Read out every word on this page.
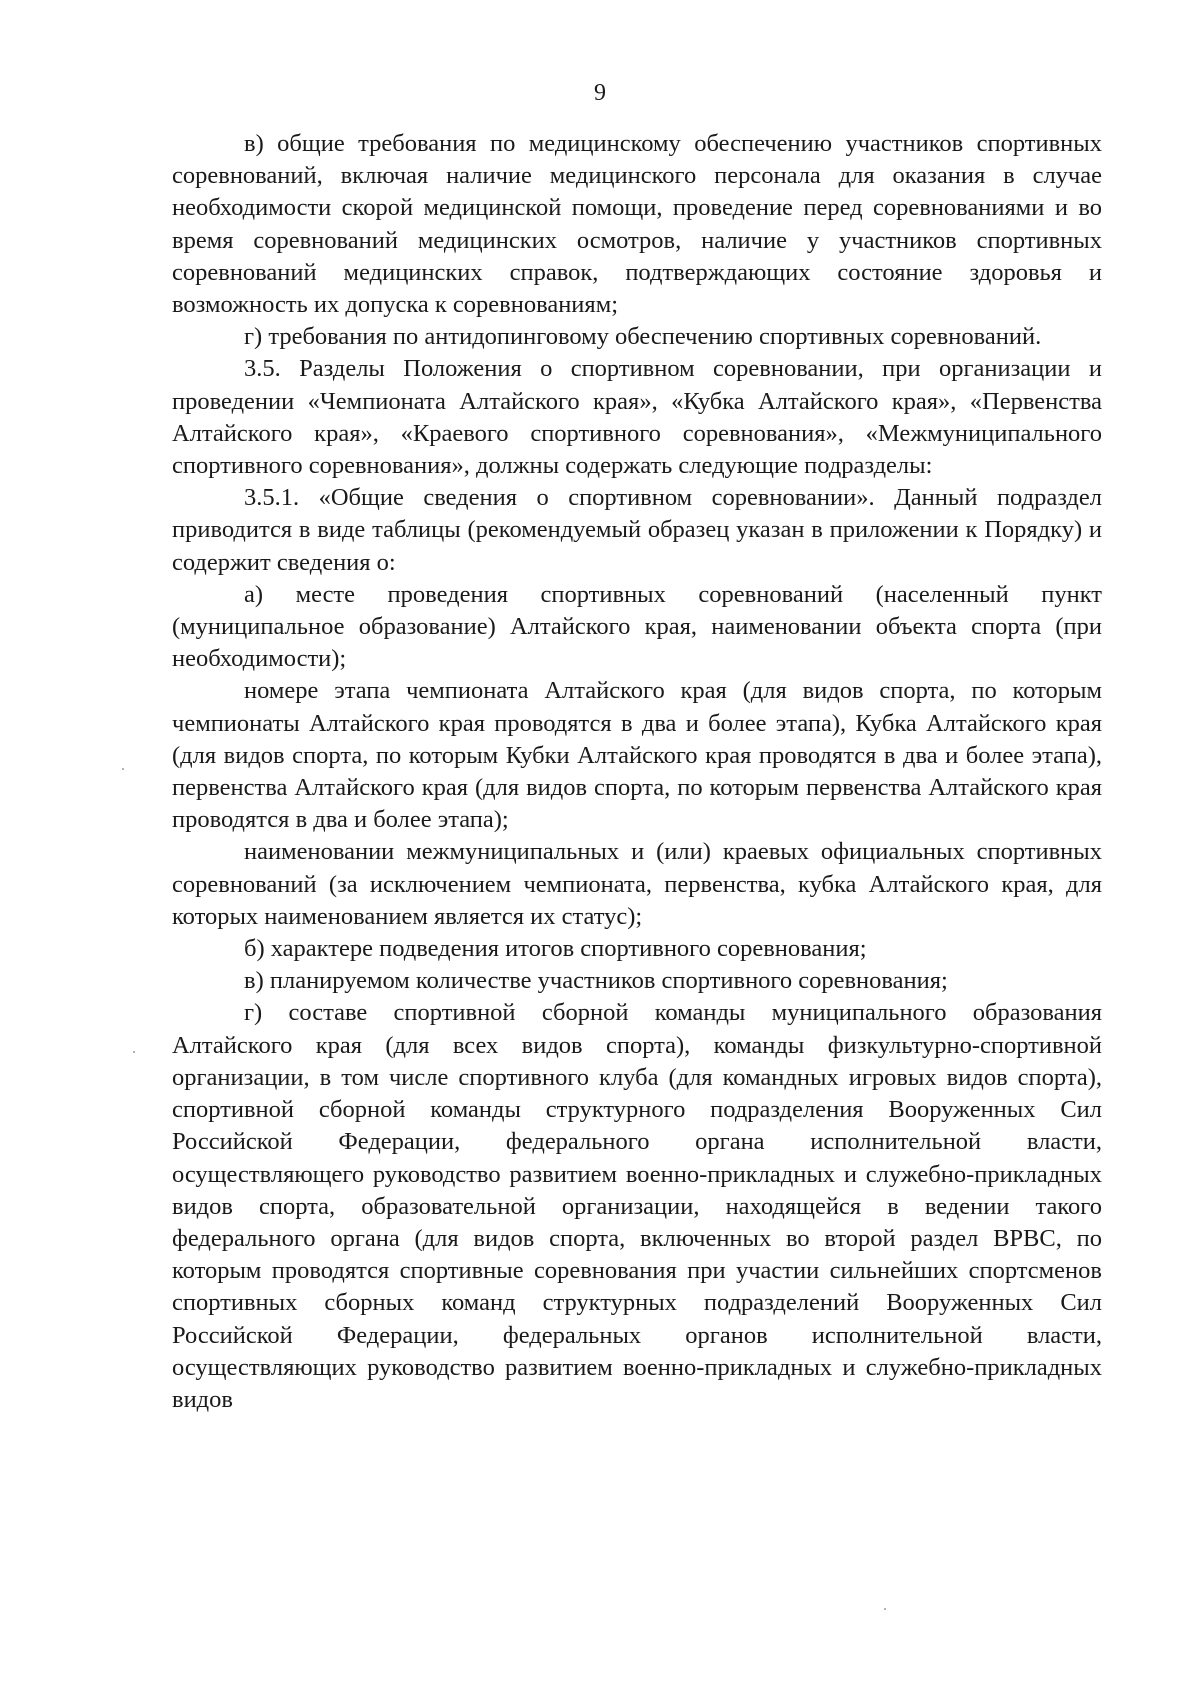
9

в) общие требования по медицинскому обеспечению участников спортивных соревнований, включая наличие медицинского персонала для оказания в случае необходимости скорой медицинской помощи, проведение перед соревнованиями и во время соревнований медицинских осмотров, наличие у участников спортивных соревнований медицинских справок, подтверждающих состояние здоровья и возможность их допуска к соревнованиям;

г) требования по антидопинговому обеспечению спортивных соревнований.

3.5. Разделы Положения о спортивном соревновании, при организации и проведении «Чемпионата Алтайского края», «Кубка Алтайского края», «Первенства Алтайского края», «Краевого спортивного соревнования», «Межмуниципального спортивного соревнования», должны содержать следующие подразделы:

3.5.1. «Общие сведения о спортивном соревновании». Данный подраздел приводится в виде таблицы (рекомендуемый образец указан в приложении к Порядку) и содержит сведения о:

а) месте проведения спортивных соревнований (населенный пункт (муниципальное образование) Алтайского края, наименовании объекта спорта (при необходимости);

номере этапа чемпионата Алтайского края (для видов спорта, по которым чемпионаты Алтайского края проводятся в два и более этапа), Кубка Алтайского края (для видов спорта, по которым Кубки Алтайского края проводятся в два и более этапа), первенства Алтайского края (для видов спорта, по которым первенства Алтайского края проводятся в два и более этапа);

наименовании межмуниципальных и (или) краевых официальных спортивных соревнований (за исключением чемпионата, первенства, кубка Алтайского края, для которых наименованием является их статус);

б) характере подведения итогов спортивного соревнования;

в) планируемом количестве участников спортивного соревнования;

г) составе спортивной сборной команды муниципального образования Алтайского края (для всех видов спорта), команды физкультурно-спортивной организации, в том числе спортивного клуба (для командных игровых видов спорта), спортивной сборной команды структурного подразделения Вооруженных Сил Российской Федерации, федерального органа исполнительной власти, осуществляющего руководство развитием военно-прикладных и служебно-прикладных видов спорта, образовательной организации, находящейся в ведении такого федерального органа (для видов спорта, включенных во второй раздел ВРВС, по которым проводятся спортивные соревнования при участии сильнейших спортсменов спортивных сборных команд структурных подразделений Вооруженных Сил Российской Федерации, федеральных органов исполнительной власти, осуществляющих руководство развитием военно-прикладных и служебно-прикладных видов
